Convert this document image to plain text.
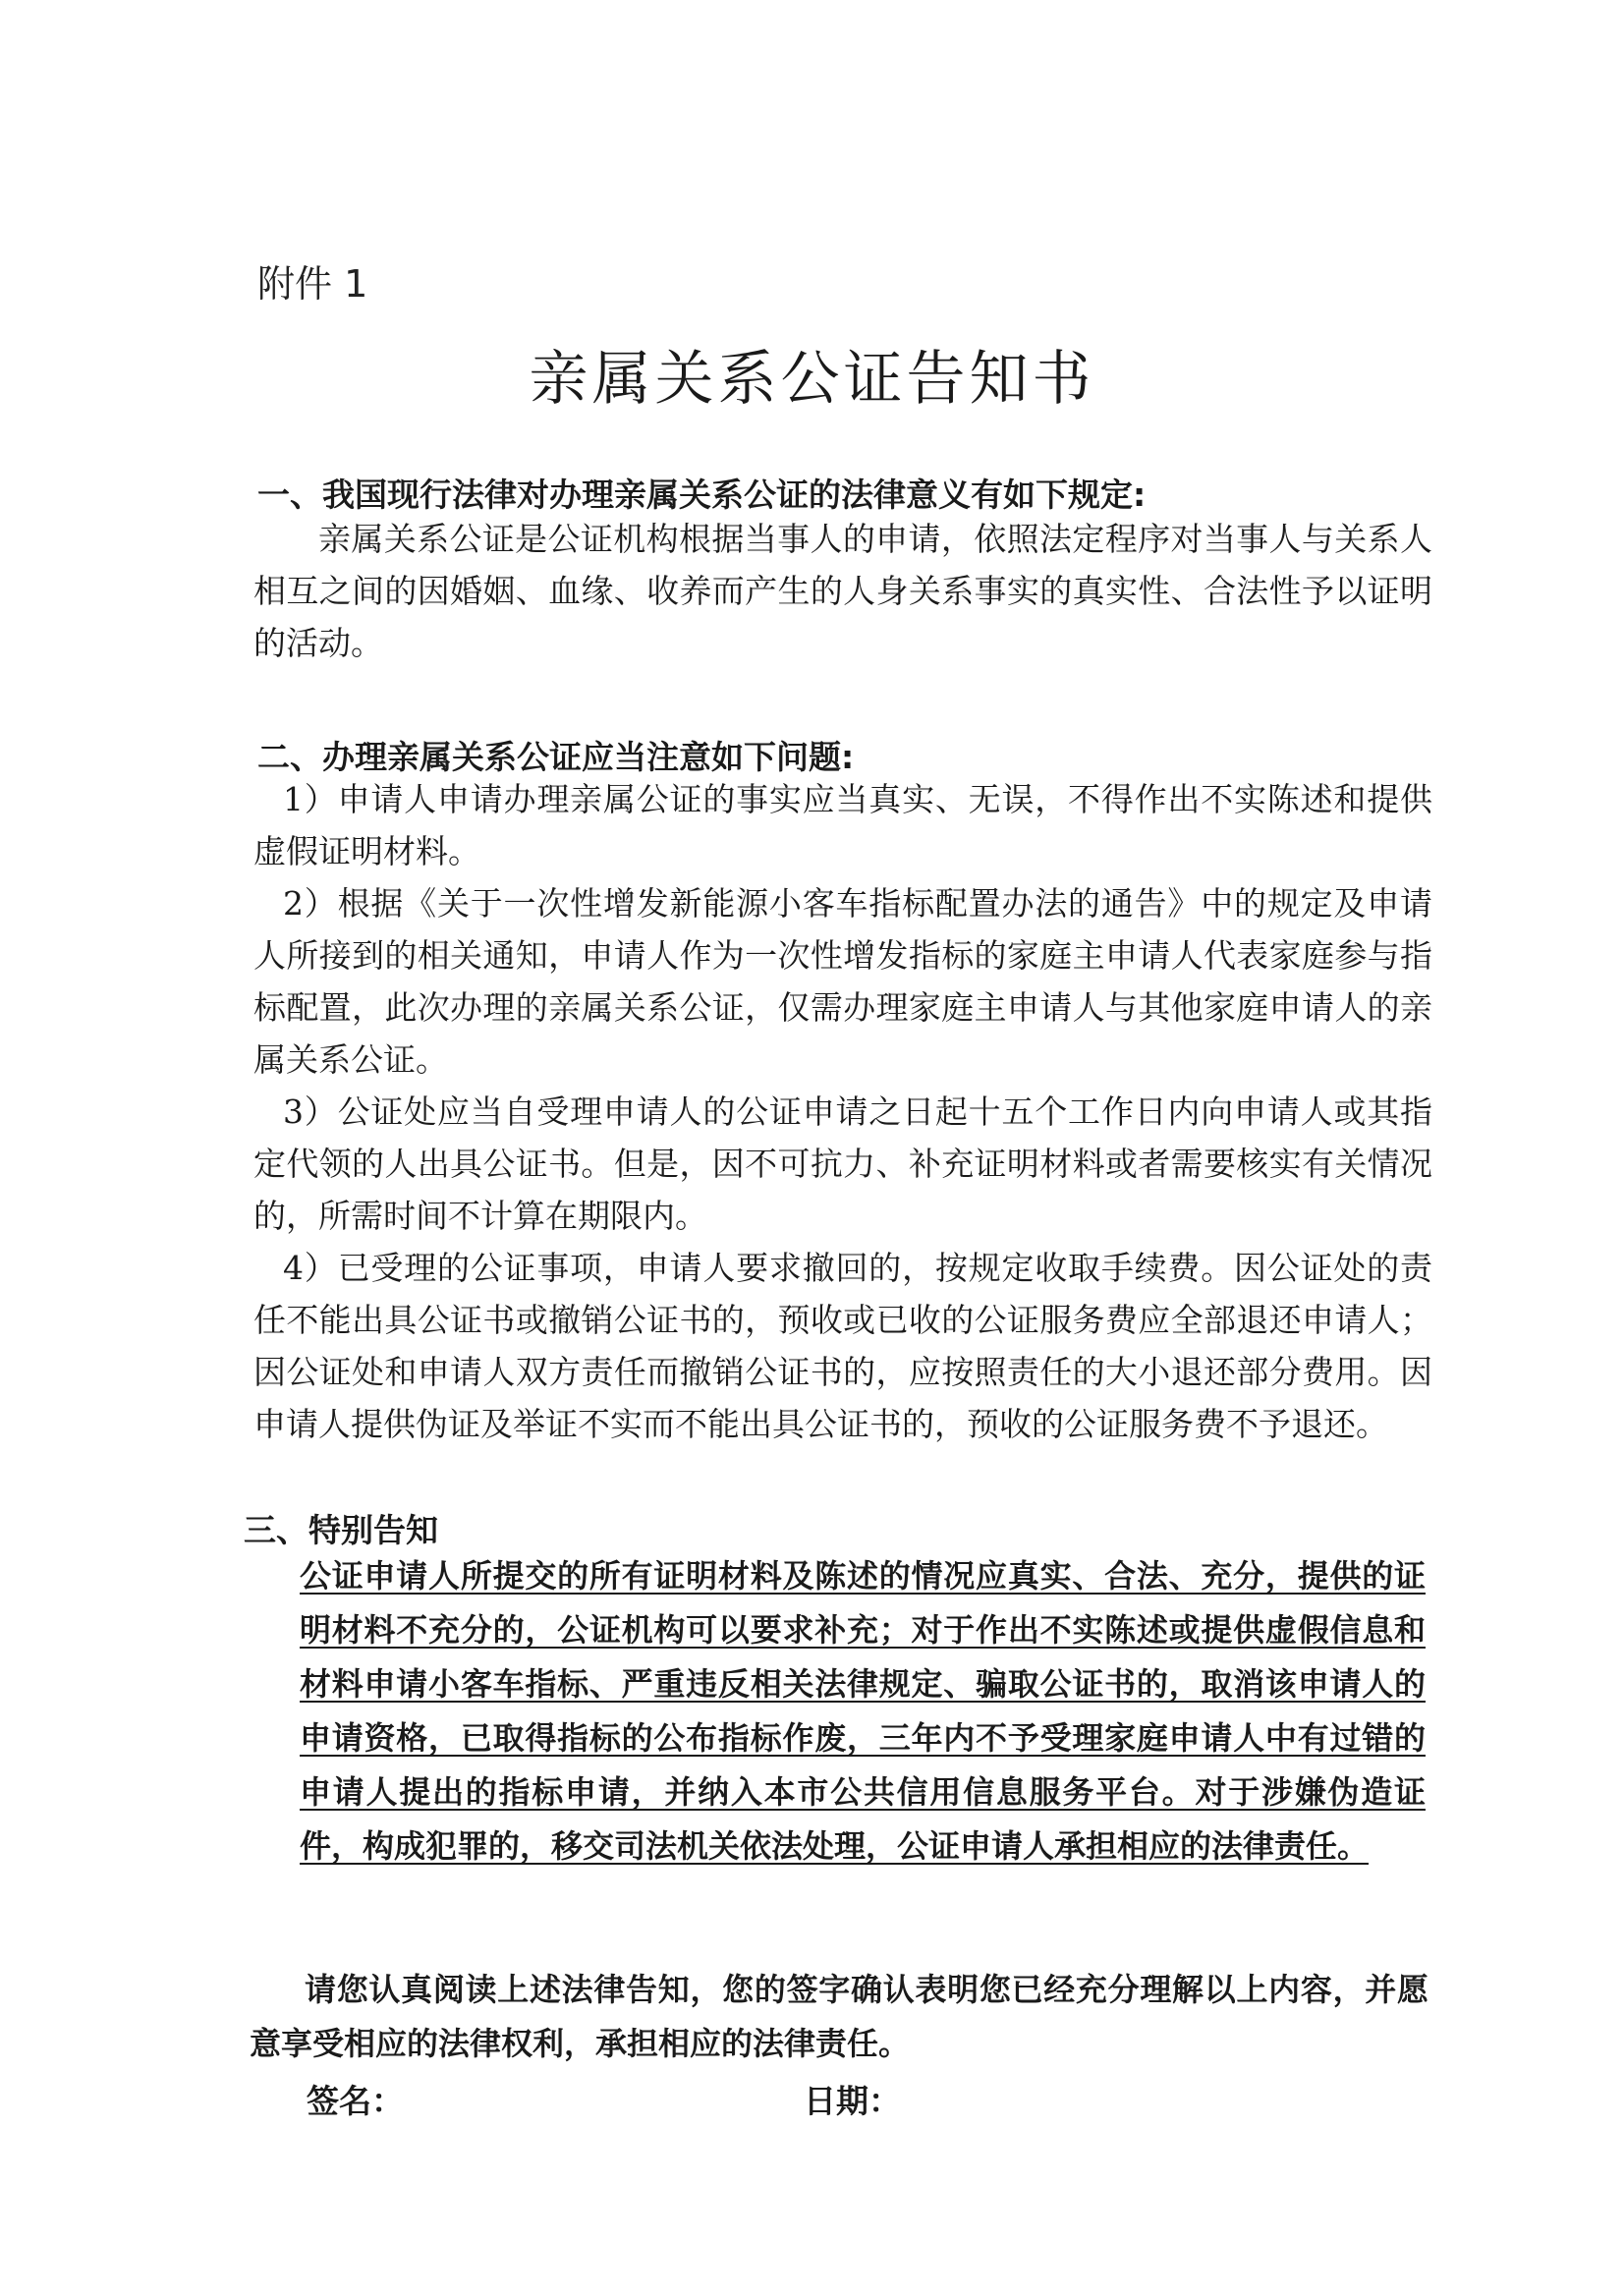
附件 1
亲属关系公证告知书
一、我国现行法律对办理亲属关系公证的法律意义有如下规定:

亲属关系公证是公证机构根据当事人的申请，依照法定程序对当事人与关系人相互之间的因婚姻、血缘、收养而产生的人身关系事实的真实性、合法性予以证明的活动。

二、办理亲属关系公证应当注意如下问题:

1）申请人申请办理亲属公证的事实应当真实、无误，不得作出不实陈述和提供虚假证明材料。

2）根据《关于一次性增发新能源小客车指标配置办法的通告》中的规定及申请人所接到的相关通知，申请人作为一次性增发指标的家庭主申请人代表家庭参与指标配置，此次办理的亲属关系公证，仅需办理家庭主申请人与其他家庭申请人的亲属关系公证。

3）公证处应当自受理申请人的公证申请之日起十五个工作日内向申请人或其指定代领的人出具公证书。但是，因不可抗力、补充证明材料或者需要核实有关情况的，所需时间不计算在期限内。

4）已受理的公证事项，申请人要求撤回的，按规定收取手续费。因公证处的责任不能出具公证书或撤销公证书的，预收或已收的公证服务费应全部退还申请人；因公证处和申请人双方责任而撤销公证书的，应按照责任的大小退还部分费用。因申请人提供伪证及举证不实而不能出具公证书的，预收的公证服务费不予退还。

三、特别告知

公证申请人所提交的所有证明材料及陈述的情况应真实、合法、充分，提供的证明材料不充分的，公证机构可以要求补充；对于作出不实陈述或提供虚假信息和材料申请小客车指标、严重违反相关法律规定、骗取公证书的，取消该申请人的申请资格，已取得指标的公布指标作废，三年内不予受理家庭申请人中有过错的申请人提出的指标申请，并纳入本市公共信用信息服务平台。对于涉嫌伪造证件，构成犯罪的，移交司法机关依法处理，公证申请人承担相应的法律责任。

请您认真阅读上述法律告知，您的签字确认表明您已经充分理解以上内容，并愿意享受相应的法律权利，承担相应的法律责任。

签名：	日期：
